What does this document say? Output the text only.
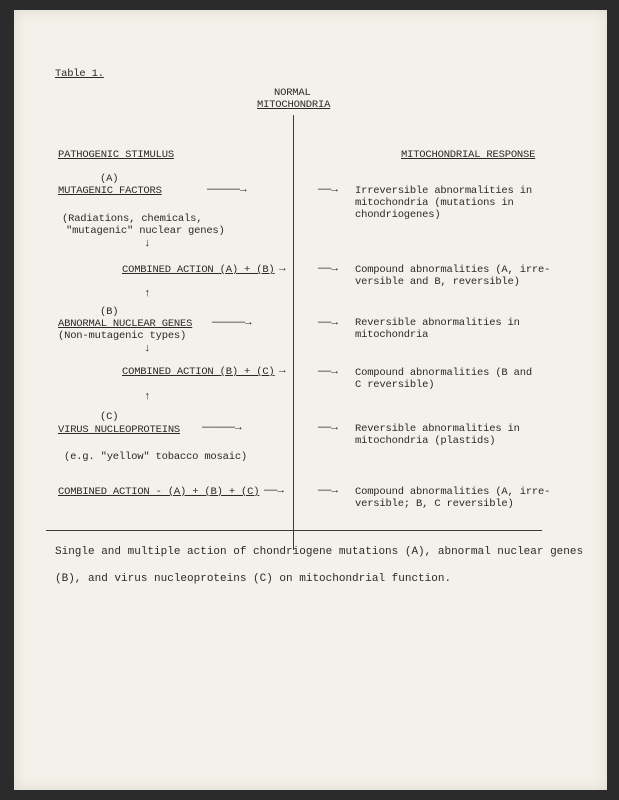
Table 1.
NORMAL
MITOCHONDRIA
PATHOGENIC STIMULUS	MITOCHONDRIAL RESPONSE
(A)
MUTAGENIC FACTORS	—————→
(Radiations, chemicals,
"mutagenic" nuclear genes)
↓
COMBINED ACTION (A) + (B) →
↑
(B)
ABNORMAL NUCLEAR GENES —————→
(Non-mutagenic types)
↓
COMBINED ACTION (B) + (C) →
↑
(C)
VIRUS NUCLEOPROTEINS —————→
(e.g. "yellow" tobacco mosaic)
COMBINED ACTION - (A) + (B) + (C) ——→
——→
——→
——→
——→
——→
——→
Irreversible abnormalities in
mitochondria (mutations in
chondriogenes)
Compound abnormalities (A, irre-
versible and B, reversible)
Reversible abnormalities in
mitochondria
Compound abnormalities (B and
C reversible)
Reversible abnormalities in
mitochondria (plastids)
Compound abnormalities (A, irre-
versible; B, C reversible)
Single and multiple action of chondriogene mutations (A), abnormal nuclear genes
(B), and virus nucleoproteins (C) on mitochondrial function.
